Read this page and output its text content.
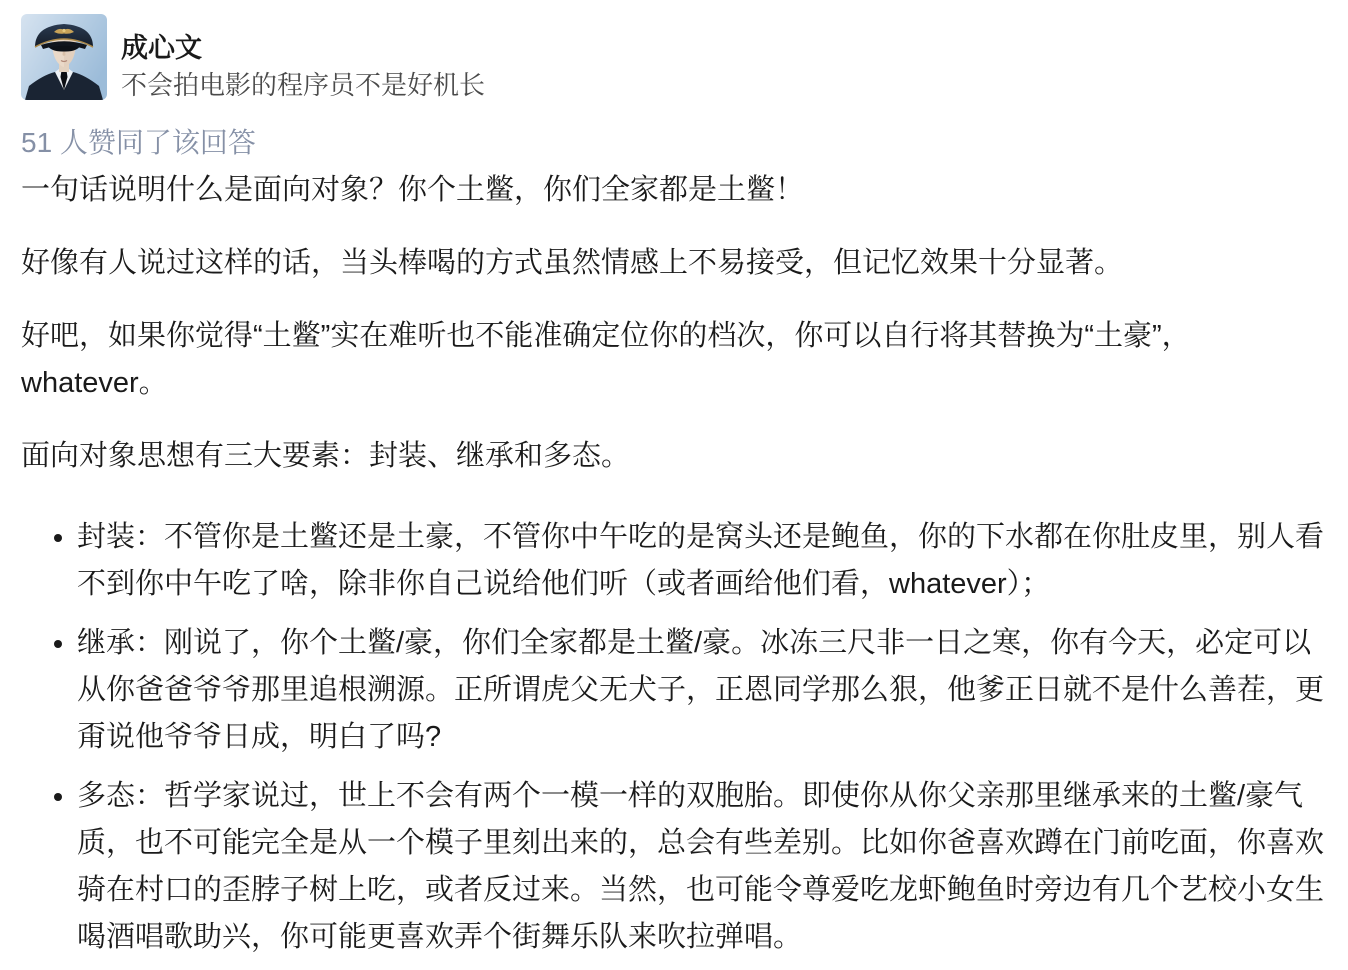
成心文
不会拍电影的程序员不是好机长
51 人赞同了该回答

一句话说明什么是面向对象？你个土鳖，你们全家都是土鳖！

好像有人说过这样的话，当头棒喝的方式虽然情感上不易接受，但记忆效果十分显著。

好吧，如果你觉得“土鳖”实在难听也不能准确定位你的档次，你可以自行将其替换为“土豪”，whatever。

面向对象思想有三大要素：封装、继承和多态。

• 封装：不管你是土鳖还是土豪，不管你中午吃的是窝头还是鲍鱼，你的下水都在你肚皮里，别人看不到你中午吃了啥，除非你自己说给他们听（或者画给他们看，whatever）；
• 继承：刚说了，你个土鳖/豪，你们全家都是土鳖/豪。冰冻三尺非一日之寒，你有今天，必定可以从你爸爸爷爷那里追根溯源。正所谓虎父无犬子，正恩同学那么狠，他爹正日就不是什么善茬，更甭说他爷爷日成，明白了吗?
• 多态：哲学家说过，世上不会有两个一模一样的双胞胎。即使你从你父亲那里继承来的土鳖/豪气质，也不可能完全是从一个模子里刻出来的，总会有些差别。比如你爸喜欢蹲在门前吃面，你喜欢骑在村口的歪脖子树上吃，或者反过来。当然，也可能令尊爱吃龙虾鲍鱼时旁边有几个艺校小女生喝酒唱歌助兴，你可能更喜欢弄个街舞乐队来吹拉弹唱。
